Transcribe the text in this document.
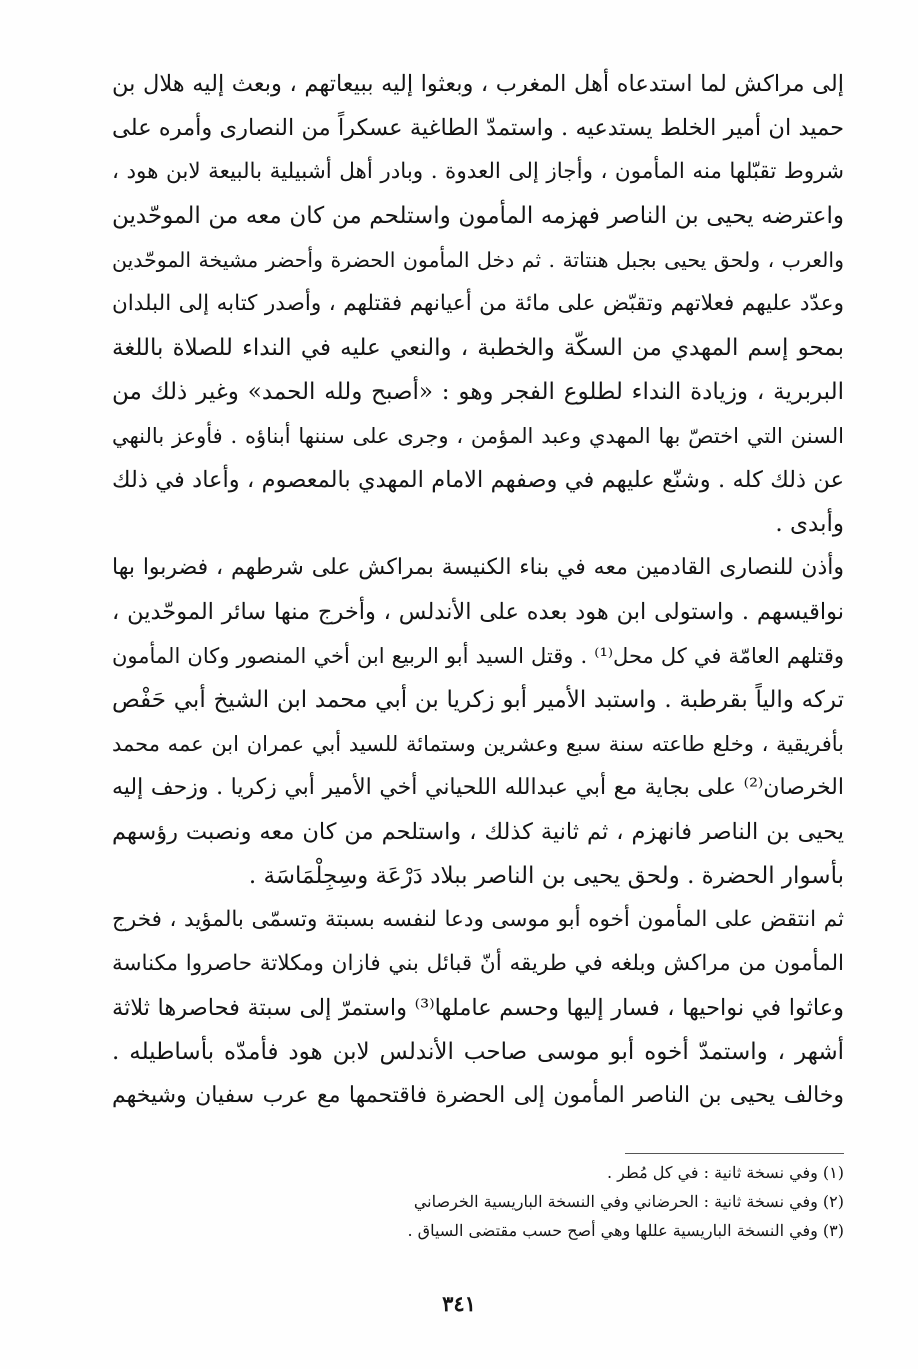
إلى مراكش لما استدعاه أهل المغرب ، وبعثوا إليه ببيعاتهم ، وبعث إليه هلال بن
حميد ان أمير الخلط يستدعيه . واستمدّ الطاغية عسكراً من النصارى وأمره على
شروط تقبّلها منه المأمون ، وأجاز إلى العدوة . وبادر أهل أشبيلية بالبيعة لابن هود ،
واعترضه يحيى بن الناصر فهزمه المأمون واستلحم من كان معه من الموحّدين
والعرب ، ولحق يحيى بجبل هنتاتة . ثم دخل المأمون الحضرة وأحضر مشيخة الموحّدين
وعدّد عليهم فعلاتهم وتقبّض على مائة من أعيانهم فقتلهم ، وأصدر كتابه إلى البلدان
بمحو إسم المهدي من السكّة والخطبة ، والنعي عليه في النداء للصلاة باللغة
البربرية ، وزيادة النداء لطلوع الفجر وهو : «أصبح ولله الحمد» وغير ذلك من
السنن التي اختصّ بها المهدي وعبد المؤمن ، وجرى على سننها أبناؤه . فأوعز بالنهي
عن ذلك كله . وشنّع عليهم في وصفهم الامام المهدي بالمعصوم ، وأعاد في ذلك
وأبدى .
وأذن للنصارى القادمين معه في بناء الكنيسة بمراكش على شرطهم ، فضربوا بها
نواقيسهم . واستولى ابن هود بعده على الأندلس ، وأخرج منها سائر الموحّدين ،
وقتلهم العامّة في كل محل⁽¹⁾ . وقتل السيد أبو الربيع ابن أخي المنصور وكان المأمون
تركه والياً بقرطبة . واستبد الأمير أبو زكريا بن أبي محمد ابن الشيخ أبي حَفْص
بأفريقية ، وخلع طاعته سنة سبع وعشرين وستمائة للسيد أبي عمران ابن عمه محمد
الخرصان⁽²⁾ على بجاية مع أبي عبدالله اللحياني أخي الأمير أبي زكريا . وزحف إليه
يحيى بن الناصر فانهزم ، ثم ثانية كذلك ، واستلحم من كان معه ونصبت رؤسهم
بأسوار الحضرة . ولحق يحيى بن الناصر ببلاد دَرْعَة وسِجِلْمَاسَة .
ثم انتقض على المأمون أخوه أبو موسى ودعا لنفسه بسبتة وتسمّى بالمؤيد ، فخرج
المأمون من مراكش وبلغه في طريقه أنّ قبائل بني فازان ومكلاتة حاصروا مكناسة
وعاثوا في نواحيها ، فسار إليها وحسم عاملها⁽³⁾ واستمرّ إلى سبتة فحاصرها ثلاثة
أشهر ، واستمدّ أخوه أبو موسى صاحب الأندلس لابن هود فأمدّه بأساطيله .
وخالف يحيى بن الناصر المأمون إلى الحضرة فاقتحمها مع عرب سفيان وشيخهم
(١) وفي نسخة ثانية : في كل مُطر .
(٢) وفي نسخة ثانية : الحرضاني وفي النسخة الباريسية الخرصاني
(٣) وفي النسخة الباريسية عللها وهي أصح حسب مقتضى السياق .
٣٤١
